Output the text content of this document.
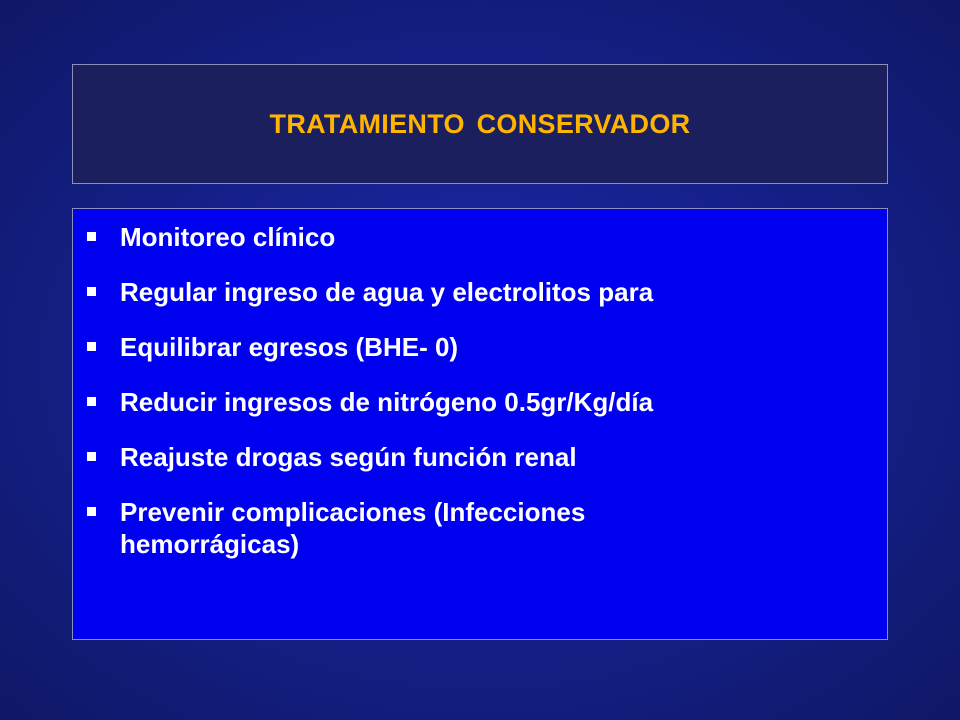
TRATAMIENTO CONSERVADOR
Monitoreo clínico
Regular ingreso de agua y electrolitos para
Equilibrar egresos (BHE- 0)
Reducir ingresos de nitrógeno 0.5gr/Kg/día
Reajuste drogas según función renal
Prevenir complicaciones (Infecciones hemorrágicas)
